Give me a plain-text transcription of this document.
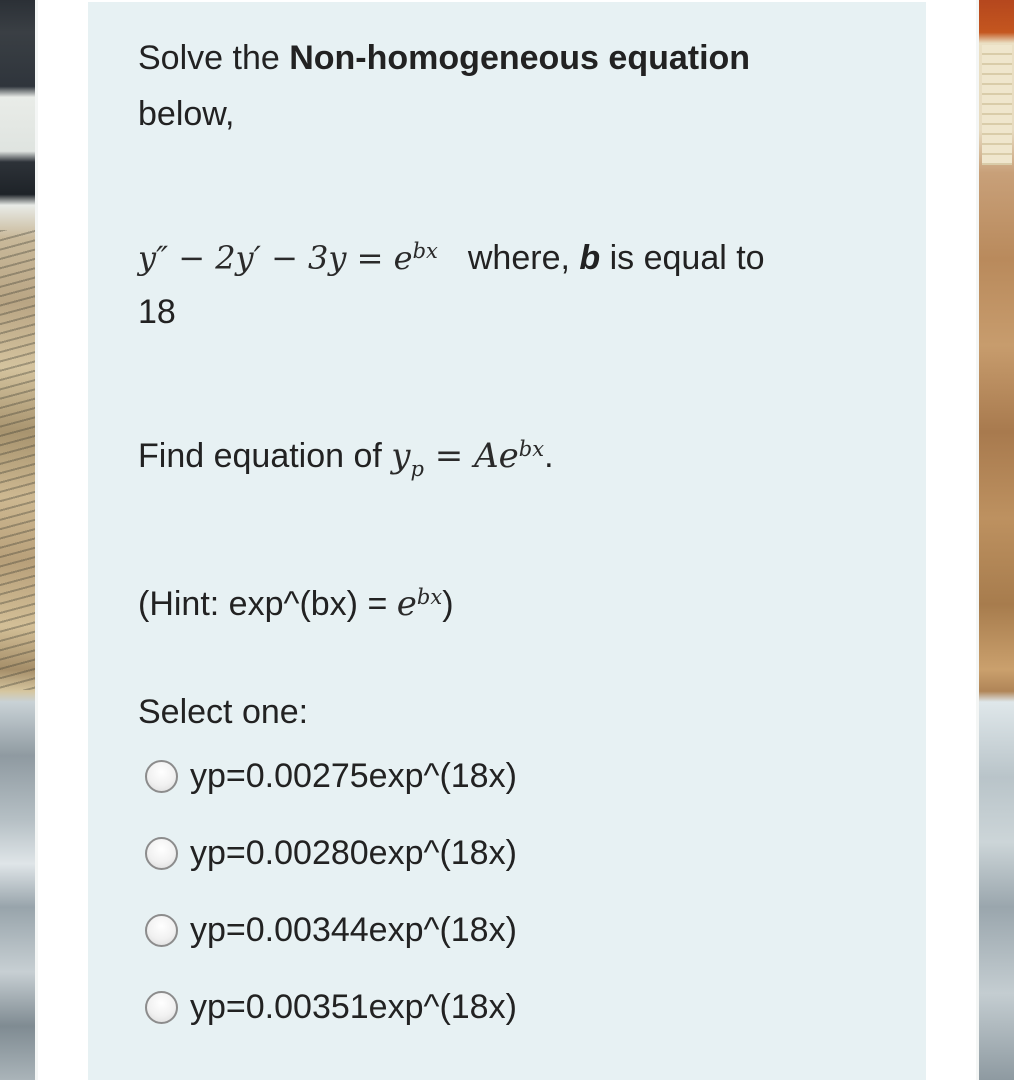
Solve the Non-homogeneous equation
below,
$y'' - 2y' - 3y = e^{bx}$ where, b is equal to
18
Find equation of $y_p = Ae^{bx}$.
(Hint: exp^(bx) = $e^{bx}$)
Select one:
yp=0.00275exp^(18x)
yp=0.00280exp^(18x)
yp=0.00344exp^(18x)
yp=0.00351exp^(18x)
